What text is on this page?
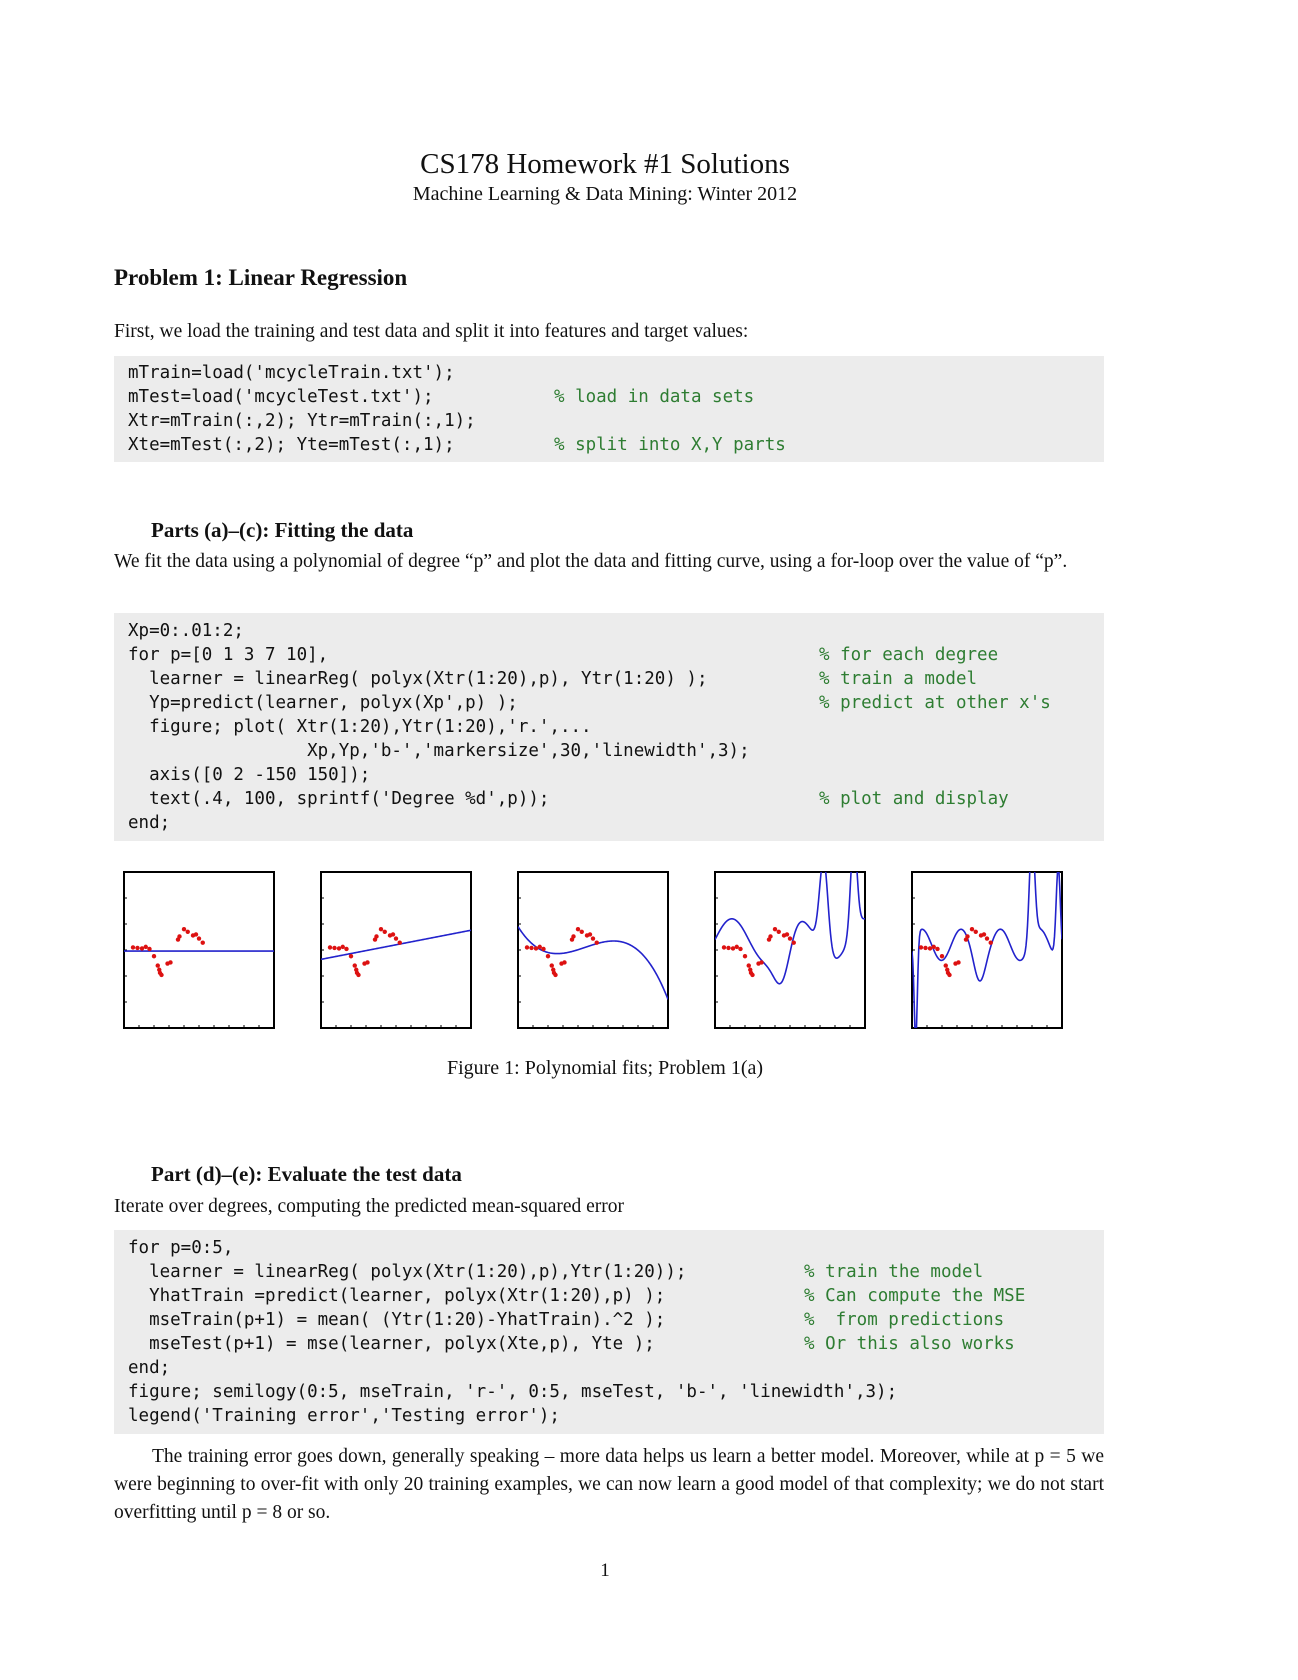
CS178 Homework #1 Solutions
Machine Learning & Data Mining: Winter 2012
Problem 1: Linear Regression
First, we load the training and test data and split it into features and target values:
mTrain=load('mcycleTrain.txt');
mTest=load('mcycleTest.txt');	% load in data sets
Xtr=mTrain(:,2); Ytr=mTrain(:,1);
Xte=mTest(:,2); Yte=mTest(:,1);	% split into X,Y parts
Parts (a)–(c): Fitting the data
We fit the data using a polynomial of degree “p” and plot the data and fitting curve, using a for-loop over the value of “p”.
Xp=0:.01:2;
for p=[0 1 3 7 10],	% for each degree
learner = linearReg( polyx(Xtr(1:20),p), Ytr(1:20) );	% train a model
Yp=predict(learner, polyx(Xp',p) );	% predict at other x's
figure; plot( Xtr(1:20),Ytr(1:20),'r.',...
Xp,Yp,'b-','markersize',30,'linewidth',3);
axis([0 2 -150 150]);
text(.4, 100, sprintf('Degree %d',p));	% plot and display
end;
Figure 1: Polynomial fits; Problem 1(a)
Part (d)–(e): Evaluate the test data
Iterate over degrees, computing the predicted mean-squared error
for p=0:5,
learner = linearReg( polyx(Xtr(1:20),p),Ytr(1:20));	% train the model
YhatTrain =predict(learner, polyx(Xtr(1:20),p) );	% Can compute the MSE
mseTrain(p+1) = mean( (Ytr(1:20)-YhatTrain).^2 );	%  from predictions
mseTest(p+1) = mse(learner, polyx(Xte,p), Yte );	% Or this also works
end;
figure; semilogy(0:5, mseTrain, 'r-', 0:5, mseTest, 'b-', 'linewidth',3);
legend('Training error','Testing error');
The training error goes down, generally speaking – more data helps us learn a better model. Moreover, while at p = 5 we were beginning to over-fit with only 20 training examples, we can now learn a good model of that complexity; we do not start overfitting until p = 8 or so.
1
